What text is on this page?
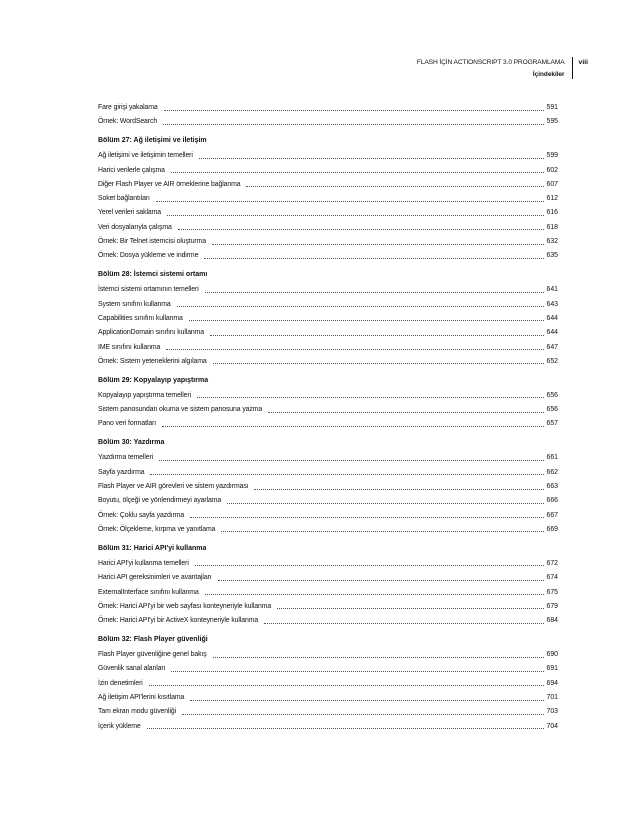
FLASH İÇİN ACTIONSCRIPT 3.0 PROGRAMLAMA
İçindekiler
viii
Fare girişi yakalama	591
Örnek: WordSearch	595
Bölüm 27: Ağ iletişimi ve iletişim
Ağ iletişimi ve iletişimin temelleri	599
Harici verilerle çalışma	602
Diğer Flash Player ve AIR örneklerine bağlanma	607
Soket bağlantıları	612
Yerel verileri saklama	616
Veri dosyalarıyla çalışma	618
Örnek: Bir Telnet istemcisi oluşturma	632
Örnek: Dosya yükleme ve indirme	635
Bölüm 28: İstemci sistemi ortamı
İstemci sistemi ortamının temelleri	641
System sınıfını kullanma	643
Capabilities sınıfını kullanma	644
ApplicationDomain sınıfını kullanma	644
IME sınıfını kullanma	647
Örnek: Sistem yeteneklerini algılama	652
Bölüm 29: Kopyalayıp yapıştırma
Kopyalayıp yapıştırma temelleri	656
Sistem panosundan okuma ve sistem panosuna yazma	656
Pano veri formatları	657
Bölüm 30: Yazdırma
Yazdırma temelleri	661
Sayfa yazdırma	662
Flash Player ve AIR görevleri ve sistem yazdırması	663
Boyutu, ölçeği ve yönlendirmeyi ayarlama	666
Örnek: Çoklu sayfa yazdırma	667
Örnek: Ölçekleme, kırpma ve yanıtlama	669
Bölüm 31: Harici API'yi kullanma
Harici API'yi kullanma temelleri	672
Harici API gereksinimleri ve avantajları	674
ExternalInterface sınıfını kullanma	675
Örnek: Harici API'yi bir web sayfası konteyneriyle kullanma	679
Örnek: Harici API'yi bir ActiveX konteyneriyle kullanma	684
Bölüm 32: Flash Player güvenliği
Flash Player güvenliğine genel bakış	690
Güvenlik sanal alanları	691
İzin denetimleri	694
Ağ iletişim API'lerini kısıtlama	701
Tam ekran modu güvenliği	703
İçerik yükleme	704
